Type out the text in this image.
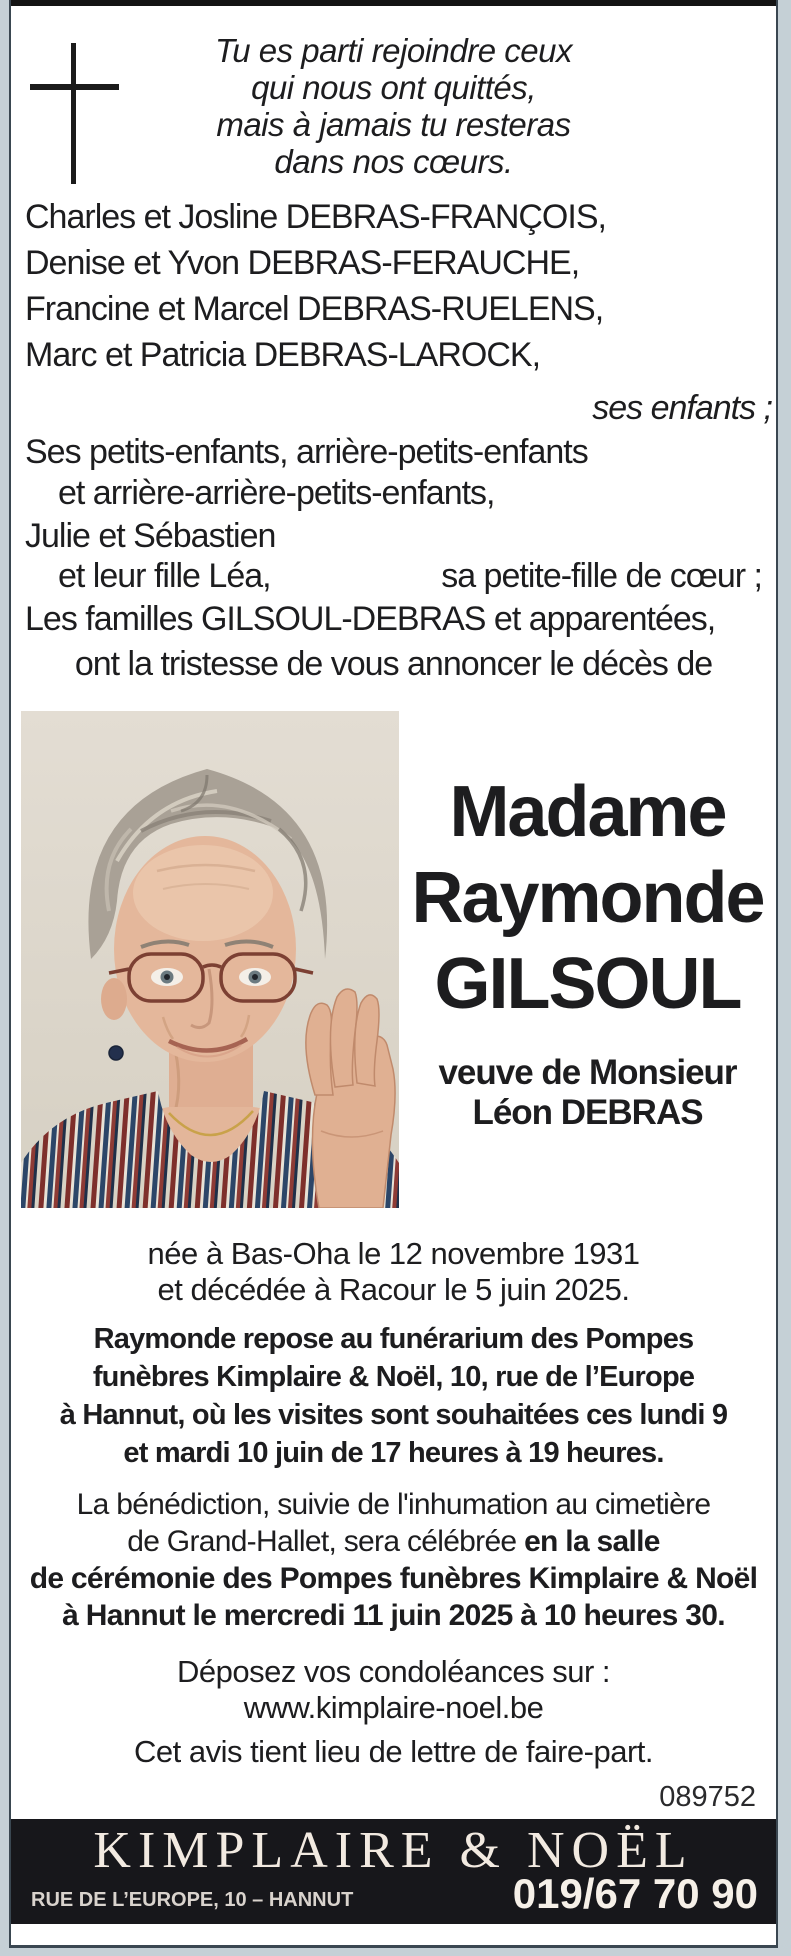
Tu es parti rejoindre ceux
qui nous ont quittés,
mais à jamais tu resteras
dans nos cœurs.
Charles et Josline DEBRAS-FRANÇOIS,
Denise et Yvon DEBRAS-FERAUCHE,
Francine et Marcel DEBRAS-RUELENS,
Marc et Patricia DEBRAS-LAROCK,
ses enfants ;
Ses petits-enfants, arrière-petits-enfants
et arrière-arrière-petits-enfants,
Julie et Sébastien
et leur fille Léa,	sa petite-fille de cœur ;
Les familles GILSOUL-DEBRAS et apparentées,
ont la tristesse de vous annoncer le décès de
Madame
Raymonde
GILSOUL
veuve de Monsieur
Léon DEBRAS
née à Bas-Oha le 12 novembre 1931
et décédée à Racour le 5 juin 2025.
Raymonde repose au funérarium des Pompes
funèbres Kimplaire & Noël, 10, rue de l’Europe
à Hannut, où les visites sont souhaitées ces lundi 9
et mardi 10 juin de 17 heures à 19 heures.
La bénédiction, suivie de l'inhumation au cimetière
de Grand-Hallet, sera célébrée en la salle
de cérémonie des Pompes funèbres Kimplaire & Noël
à Hannut le mercredi 11 juin 2025 à 10 heures 30.
Déposez vos condoléances sur :
www.kimplaire-noel.be
Cet avis tient lieu de lettre de faire-part.
089752
KIMPLAIRE & NOËL
RUE DE L’EUROPE, 10 – HANNUT	019/67 70 90
